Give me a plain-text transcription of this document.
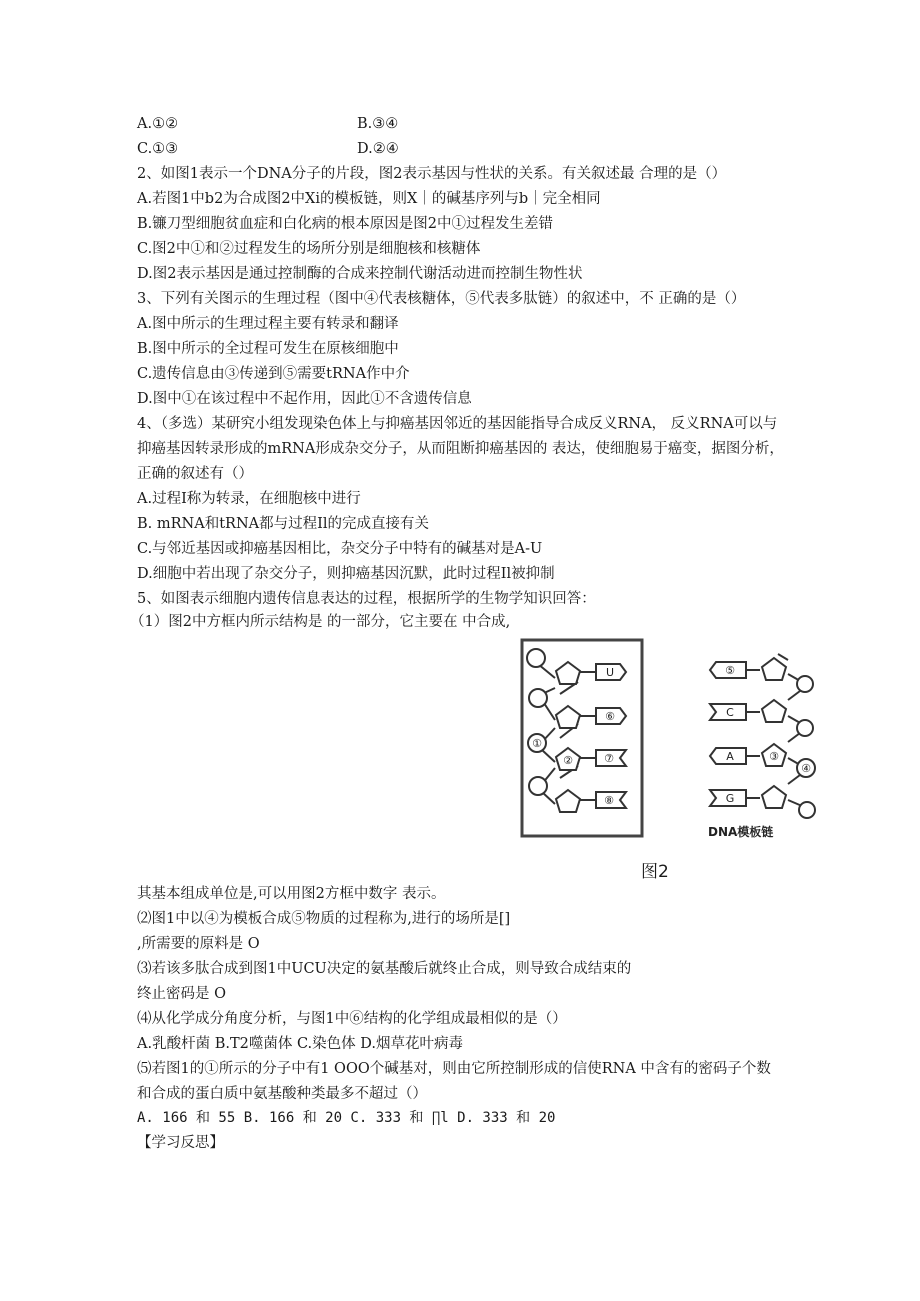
A.①②	B.③④
C.①③	D.②④
2、如图1表示一个DNA分子的片段，图2表示基因与性状的关系。有关叙述最 合理的是（）
A.若图1中b2为合成图2中Xi的模板链，则X｜的碱基序列与b｜完全相同
B.镰刀型细胞贫血症和白化病的根本原因是图2中①过程发生差错
C.图2中①和②过程发生的场所分别是细胞核和核糖体
D.图2表示基因是通过控制酶的合成来控制代谢活动进而控制生物性状
3、下列有关图示的生理过程（图中④代表核糖体，⑤代表多肽链）的叙述中，不 正确的是（）
A.图中所示的生理过程主要有转录和翻译
B.图中所示的全过程可发生在原核细胞中
C.遗传信息由③传递到⑤需要tRNA作中介
D.图中①在该过程中不起作用，因此①不含遗传信息
4、（多选）某研究小组发现染色体上与抑癌基因邻近的基因能指导合成反义RNA， 反义RNA可以与
抑癌基因转录形成的mRNA形成杂交分子，从而阻断抑癌基因的 表达，使细胞易于癌变，据图分析，
正确的叙述有（）
A.过程I称为转录，在细胞核中进行
B. mRNA和tRNA都与过程Il的完成直接有关
C.与邻近基因或抑癌基因相比，杂交分子中特有的碱基对是A-U
D.细胞中若出现了杂交分子，则抑癌基因沉默，此时过程Il被抑制
5、如图表示细胞内遗传信息表达的过程，根据所学的生物学知识回答：
（1）图2中方框内所示结构是 的一部分，它主要在 中合成,
①
②
U
⑥
⑦
⑧
④
③
⑤
C
A
G
DNA模板链
图2
其基本组成单位是,可以用图2方框中数字 表示。
⑵图1中以④为模板合成⑤物质的过程称为,进行的场所是[]
,所需要的原料是 O
⑶若该多肽合成到图1中UCU决定的氨基酸后就终止合成，则导致合成结束的
终止密码是 O
⑷从化学成分角度分析，与图1中⑥结构的化学组成最相似的是（）
A.乳酸杆菌 B.T2噬菌体 C.染色体 D.烟草花叶病毒
⑸若图1的①所示的分子中有1 OOO个碱基对，则由它所控制形成的信使RNA 中含有的密码子个数
和合成的蛋白质中氨基酸种类最多不超过（）
A. 166 和 55 B. 166 和 20 C. 333 和 ∏l D. 333 和 20
【学习反思】
